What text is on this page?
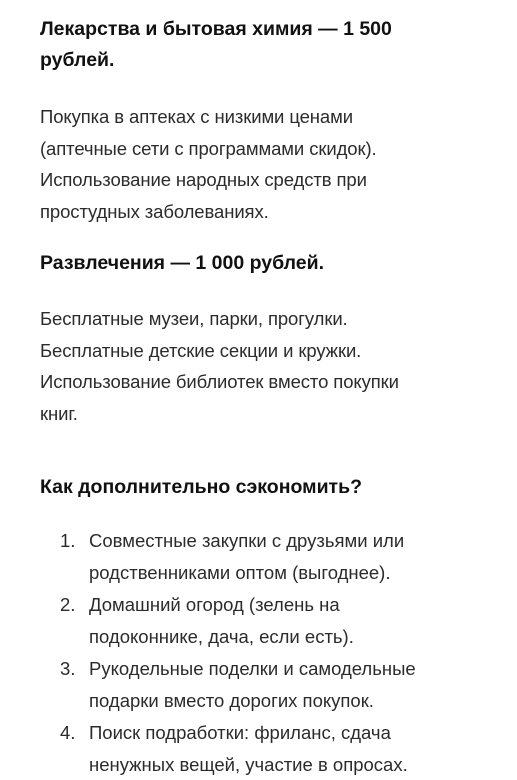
Лекарства и бытовая химия — 1 500
рублей.

Покупка в аптеках с низкими ценами
(аптечные сети с программами скидок).
Использование народных средств при
простудных заболеваниях.

Развлечения — 1 000 рублей.

Бесплатные музеи, парки, прогулки.
Бесплатные детские секции и кружки.
Использование библиотек вместо покупки
книг.

Как дополнительно сэкономить?
1. Совместные закупки с друзьями или
родственниками оптом (выгоднее).
2. Домашний огород (зелень на
подоконнике, дача, если есть).
3. Рукодельные поделки и самодельные
подарки вместо дорогих покупок.
4. Поиск подработки: фриланс, сдача
ненужных вещей, участие в опросах.
